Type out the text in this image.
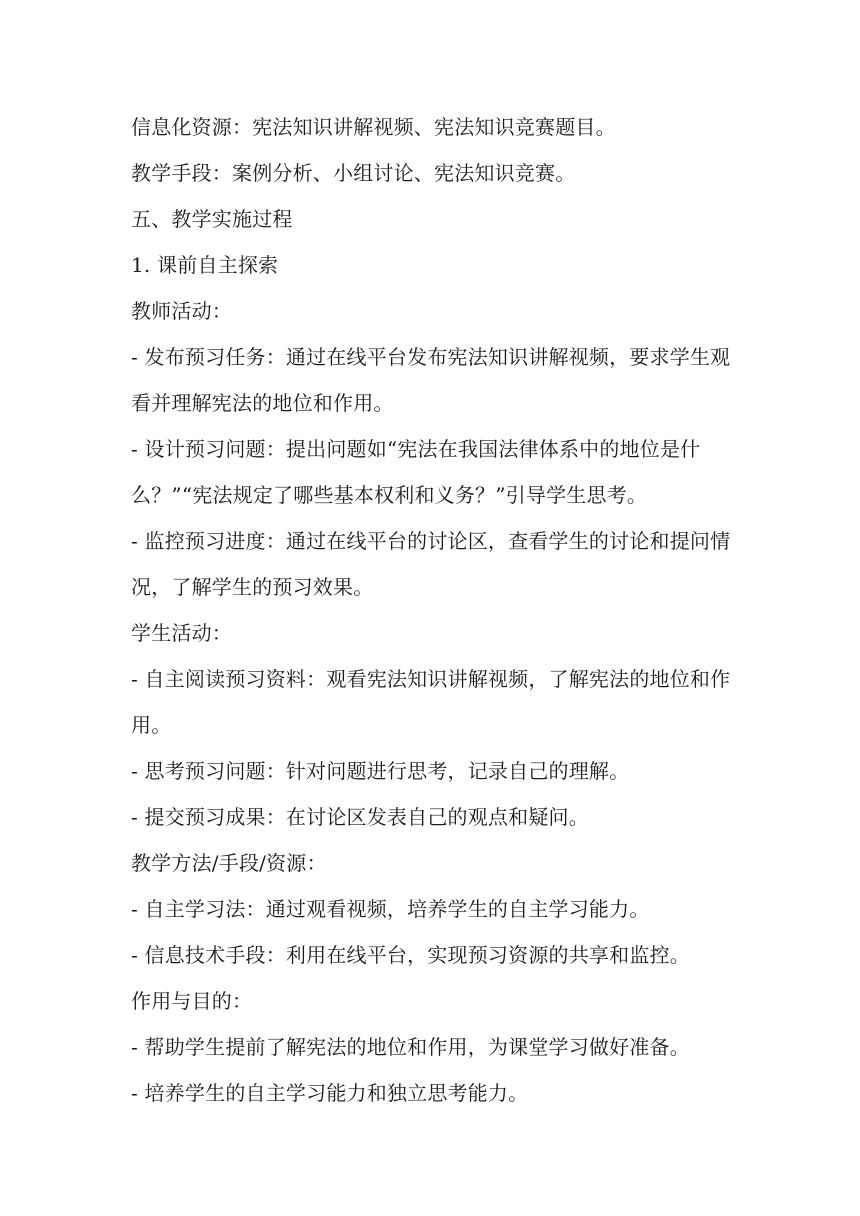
信息化资源：宪法知识讲解视频、宪法知识竞赛题目。
教学手段：案例分析、小组讨论、宪法知识竞赛。
五、教学实施过程
1. 课前自主探索
教师活动：
- 发布预习任务：通过在线平台发布宪法知识讲解视频，要求学生观
看并理解宪法的地位和作用。
- 设计预习问题：提出问题如“宪法在我国法律体系中的地位是什
么？”“宪法规定了哪些基本权利和义务？”引导学生思考。
- 监控预习进度：通过在线平台的讨论区，查看学生的讨论和提问情
况，了解学生的预习效果。
学生活动：
- 自主阅读预习资料：观看宪法知识讲解视频，了解宪法的地位和作
用。
- 思考预习问题：针对问题进行思考，记录自己的理解。
- 提交预习成果：在讨论区发表自己的观点和疑问。
教学方法/手段/资源：
- 自主学习法：通过观看视频，培养学生的自主学习能力。
- 信息技术手段：利用在线平台，实现预习资源的共享和监控。
作用与目的：
- 帮助学生提前了解宪法的地位和作用，为课堂学习做好准备。
- 培养学生的自主学习能力和独立思考能力。
